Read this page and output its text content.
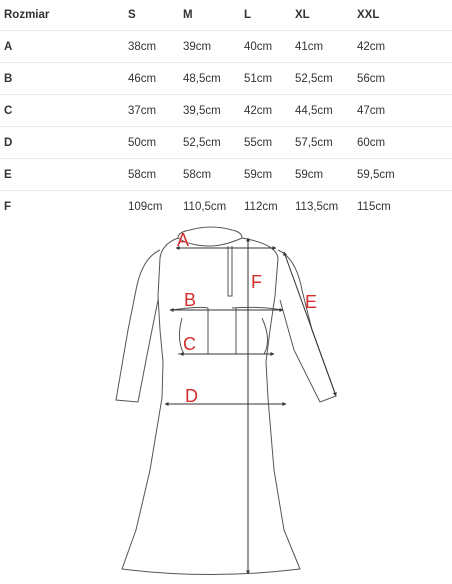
Rozmiar	S	M	L	XL	XXL
A	38cm	39cm	40cm	41cm	42cm
B	46cm	48,5cm	51cm	52,5cm	56cm
C	37cm	39,5cm	42cm	44,5cm	47cm
D	50cm	52,5cm	55cm	57,5cm	60cm
E	58cm	58cm	59cm	59cm	59,5cm
F	109cm	110,5cm	112cm	113,5cm	115cm
A
B
C
D
E
F
